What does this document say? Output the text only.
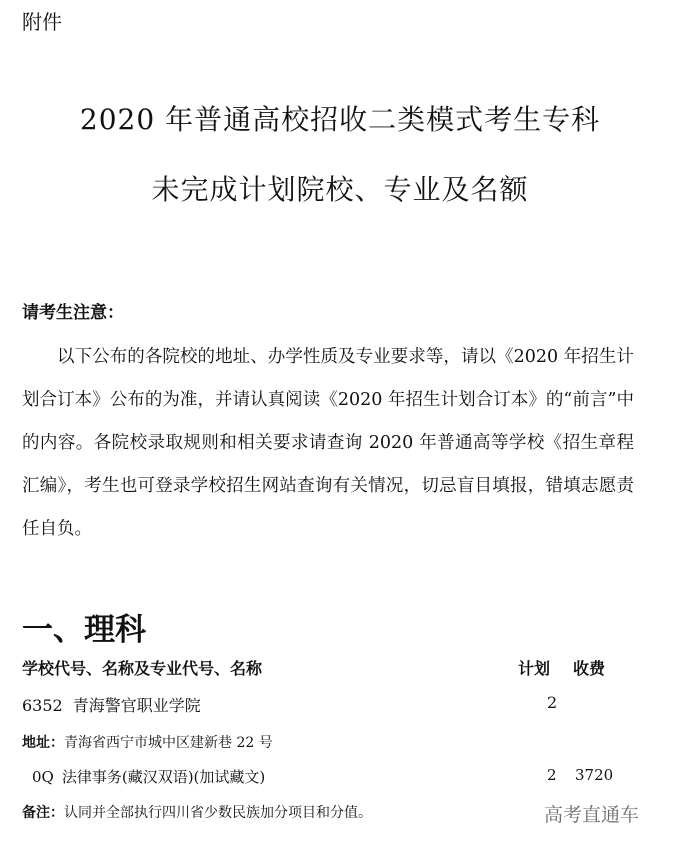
附件
2020 年普通高校招收二类模式考生专科
未完成计划院校、专业及名额
请考生注意：

以下公布的各院校的地址、办学性质及专业要求等，请以《2020 年招生计划合订本》公布的为准，并请认真阅读《2020 年招生计划合订本》的“前言”中的内容。各院校录取规则和相关要求请查询 2020 年普通高等学校《招生章程汇编》，考生也可登录学校招生网站查询有关情况，切忌盲目填报，错填志愿责任自负。

一、理科
学校代号、名称及专业代号、名称	计划 收费
6352 青海警官职业学院	2
地址：青海省西宁市城中区建新巷 22 号
0Q 法律事务(藏汉双语)(加试藏文)	2 3720
备注：认同并全部执行四川省少数民族加分项目和分值。	高考直通车
